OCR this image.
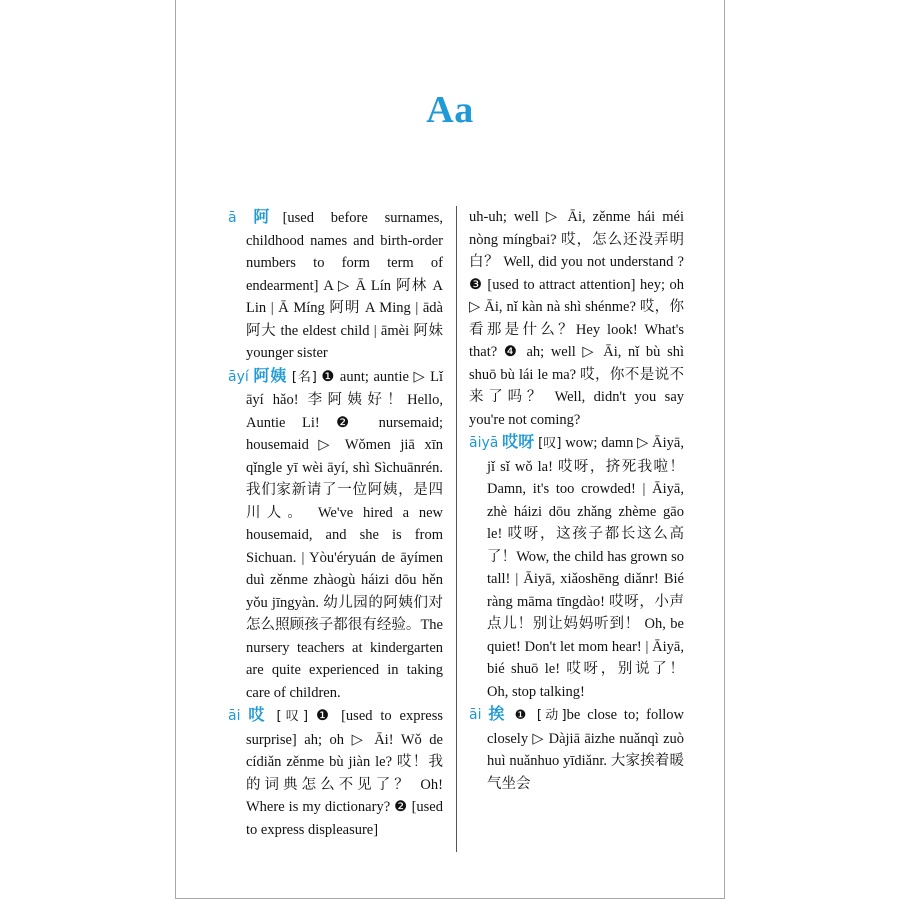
Aa
ā 阿[used before surnames, childhood names and birth-order numbers to form term of endearment] A ▷ Ā Lín 阿林 A Lin | Ā Míng 阿明 A Ming | ādà 阿大 the eldest child | āmèi 阿妹 younger sister
āyí 阿姨 [名] ❶ aunt; auntie ▷ Lǐ āyí hǎo! 李阿姨好！Hello, Auntie Li! ❷ nursemaid; housemaid ▷ Wǒmen jiā xīn qǐngle yī wèi āyí, shì Sìchuānrén. 我们家新请了一位阿姨，是四川人。 We've hired a new housemaid, and she is from Sichuan. | Yòu'éryuán de āyímen duì zěnme zhàogù háizi dōu hěn yǒu jīngyàn. 幼儿园的阿姨们对怎么照顾孩子都很有经验。The nursery teachers at kindergarten are quite experienced in taking care of children.
āi 哎 [叹] ❶ [used to express surprise] ah; oh ▷ Āi! Wǒ de cídiǎn zěnme bù jiàn le? 哎！我的词典怎么不见了？ Oh! Where is my dictionary? ❷ [used to express displeasure]
uh-uh; well ▷ Āi, zěnme hái méi nòng míngbai? 哎，怎么还没弄明白？ Well, did you not understand ? ❸ [used to attract attention] hey; oh ▷ Āi, nǐ kàn nà shì shénme? 哎，你看那是什么？Hey look! What's that? ❹ ah; well ▷ Āi, nǐ bù shì shuō bù lái le ma? 哎，你不是说不来了吗？ Well, didn't you say you're not coming?
āiyā 哎呀 [叹] wow; damn ▷ Āiyā, jǐ sǐ wǒ la! 哎呀，挤死我啦！Damn, it's too crowded! | Āiyā, zhè háizi dōu zhǎng zhème gāo le! 哎呀，这孩子都长这么高了！Wow, the child has grown so tall! | Āiyā, xiǎoshēng diǎnr! Bié ràng māma tīngdào! 哎呀，小声点儿！别让妈妈听到！ Oh, be quiet! Don't let mom hear! | Āiyā, bié shuō le! 哎呀，别说了！ Oh, stop talking!
āi 挨 ❶ [动]be close to; follow closely ▷ Dàjiā āizhe nuǎnqì zuò huì nuǎnhuo yīdiǎnr. 大家挨着暖气坐会
